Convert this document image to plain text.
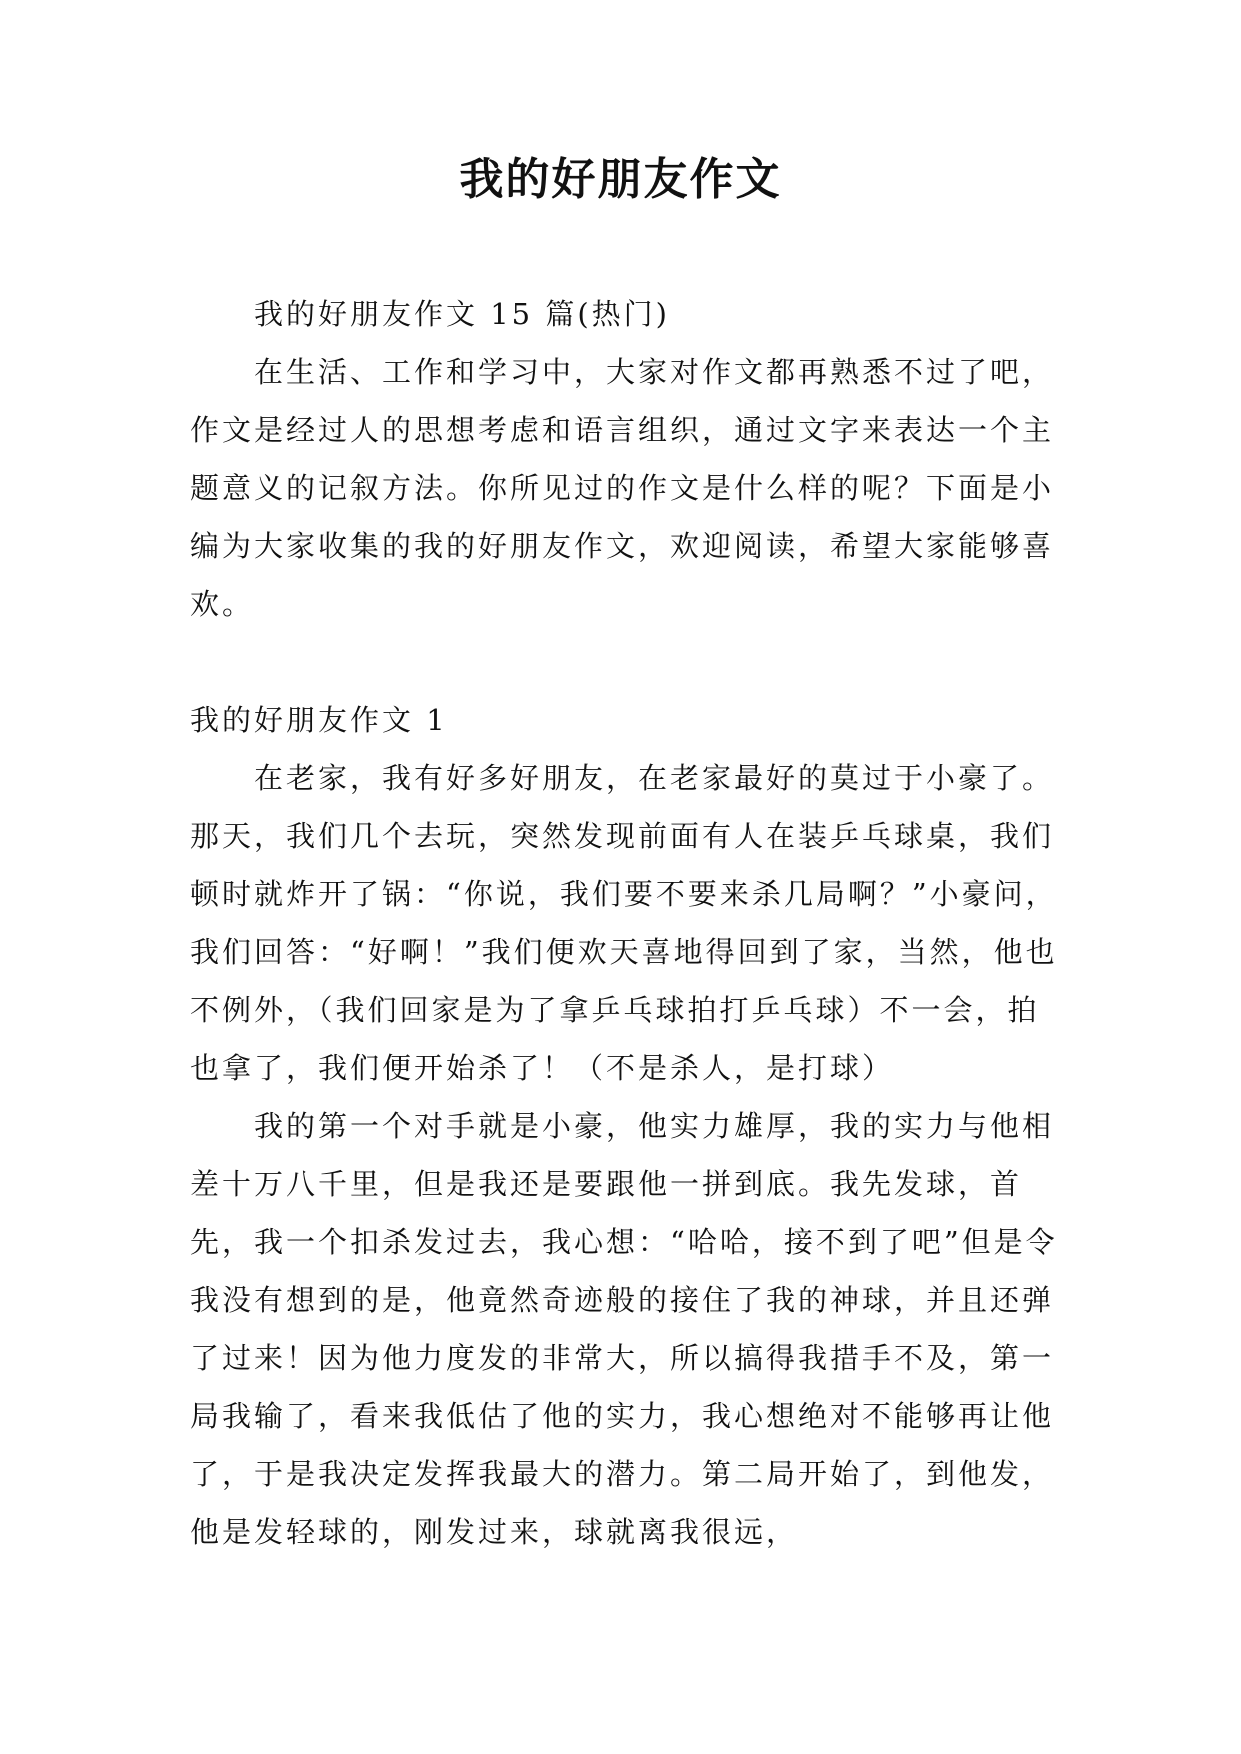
我的好朋友作文

我的好朋友作文 15 篇(热门)

在生活、工作和学习中，大家对作文都再熟悉不过了吧，作文是经过人的思想考虑和语言组织，通过文字来表达一个主题意义的记叙方法。你所见过的作文是什么样的呢？下面是小编为大家收集的我的好朋友作文，欢迎阅读，希望大家能够喜欢。

我的好朋友作文 1

在老家，我有好多好朋友，在老家最好的莫过于小豪了。那天，我们几个去玩，突然发现前面有人在装乒乓球桌，我们顿时就炸开了锅：“你说，我们要不要来杀几局啊？”小豪问，我们回答：“好啊！”我们便欢天喜地得回到了家，当然，他也不例外，（我们回家是为了拿乒乓球拍打乒乓球）不一会，拍也拿了，我们便开始杀了！（不是杀人，是打球）

我的第一个对手就是小豪，他实力雄厚，我的实力与他相差十万八千里，但是我还是要跟他一拼到底。我先发球，首先，我一个扣杀发过去，我心想：“哈哈，接不到了吧”但是令我没有想到的是，他竟然奇迹般的接住了我的神球，并且还弹了过来！因为他力度发的非常大，所以搞得我措手不及，第一局我输了，看来我低估了他的实力，我心想绝对不能够再让他了，于是我决定发挥我最大的潜力。第二局开始了，到他发，他是发轻球的，刚发过来，球就离我很远，
